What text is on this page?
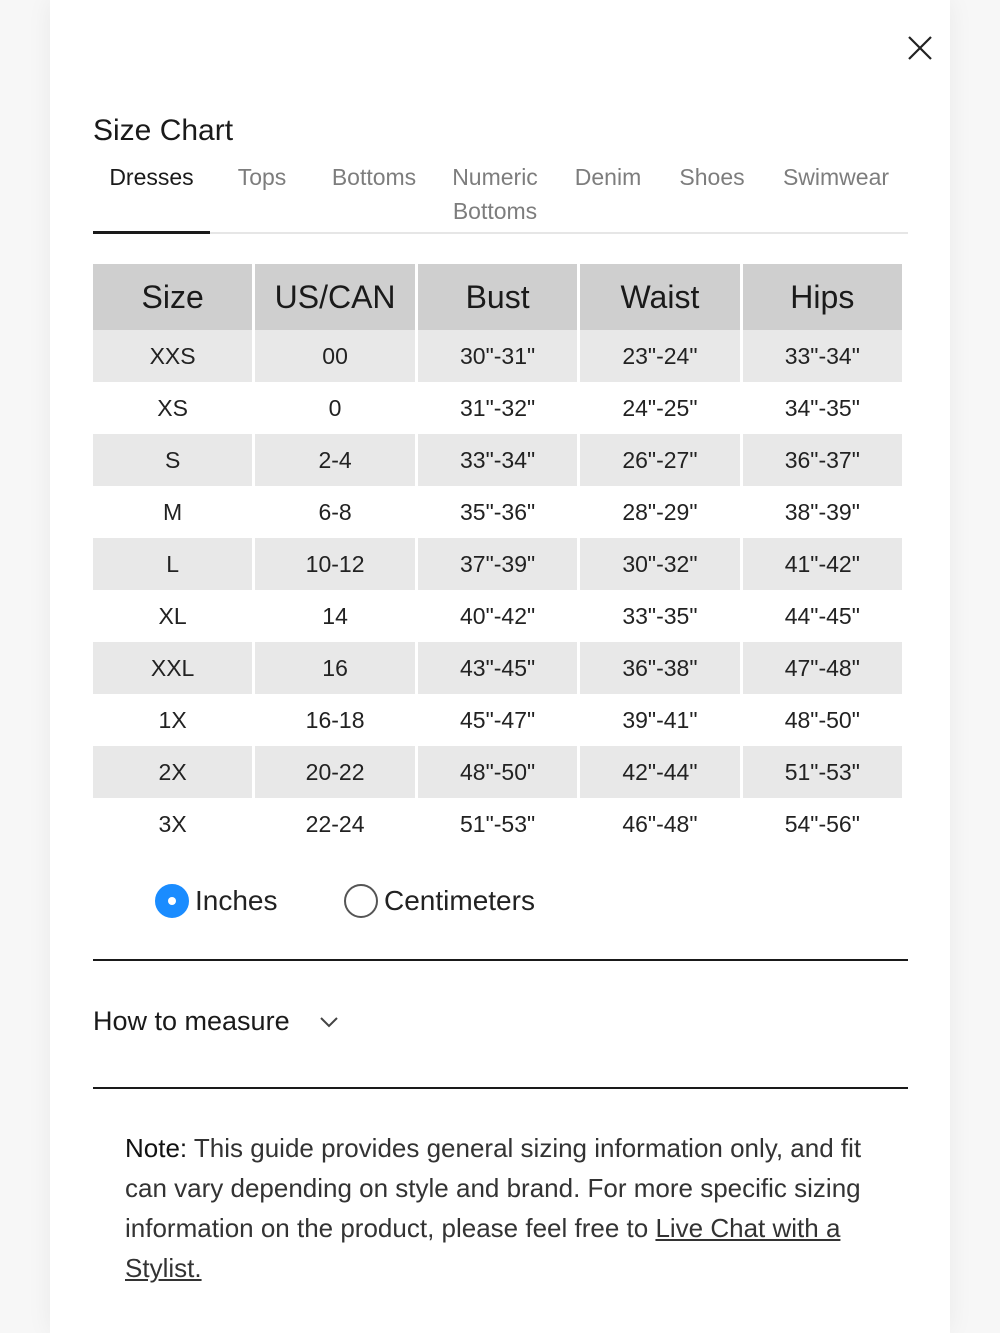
Size Chart
Dresses	Tops	Bottoms	Numeric Bottoms
Denim	Shoes	Swimwear
Size	US/CAN	Bust	Waist	Hips
XXS	00	30"-31"	23"-24"	33"-34"
XS	0	31"-32"	24"-25"	34"-35"
S	2-4	33"-34"	26"-27"	36"-37"
M	6-8	35"-36"	28"-29"	38"-39"
L	10-12	37"-39"	30"-32"	41"-42"
XL	14	40"-42"	33"-35"	44"-45"
XXL	16	43"-45"	36"-38"	47"-48"
1X	16-18	45"-47"	39"-41"	48"-50"
2X	20-22	48"-50"	42"-44"	51"-53"
3X	22-24	51"-53"	46"-48"	54"-56"
Inches	Centimeters
How to measure

Note: This guide provides general sizing information only, and fit can vary depending on style and brand. For more specific sizing information on the product, please feel free to Live Chat with a Stylist.
